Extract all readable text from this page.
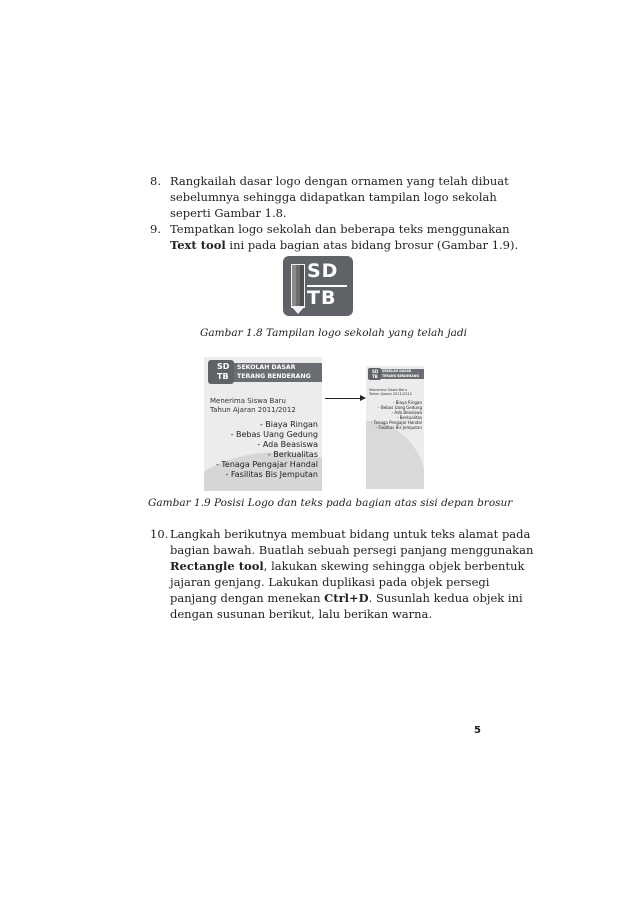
8. Rangkailah dasar logo dengan ornamen yang telah dibuat
sebelumnya sehingga didapatkan tampilan logo sekolah
seperti Gambar 1.8.
9. Tempatkan logo sekolah dan beberapa teks menggunakan
Text tool ini pada bagian atas bidang brosur (Gambar 1.9).
SD
TB
Gambar 1.8 Tampilan logo sekolah yang telah jadi
SD
TB
SEKOLAH DASAR
TERANG BENDERANG
Menerima Siswa Baru
Tahun Ajaran 2011/2012
- Biaya Ringan
- Bebas Uang Gedung
- Ada Beasiswa
- Berkualitas
- Tenaga Pengajar Handal
- Fasilitas Bis Jemputan
SD
TB
SEKOLAH DASAR
TERANG BENDERANG
Menerima Siswa Baru
Tahun Ajaran 2011/2012
- Biaya Ringan
- Bebas Uang Gedung
- Ada Beasiswa
- Berkualitas
- Tenaga Pengajar Handal
- Fasilitas Bis Jemputan
Gambar 1.9 Posisi Logo dan teks pada bagian atas sisi depan brosur
10. Langkah berikutnya membuat bidang untuk teks alamat pada
bagian bawah. Buatlah sebuah persegi panjang menggunakan
Rectangle tool, lakukan skewing sehingga objek berbentuk
jajaran genjang. Lakukan duplikasi pada objek persegi
panjang dengan menekan Ctrl+D. Susunlah kedua objek ini
dengan susunan berikut, lalu berikan warna.
5
